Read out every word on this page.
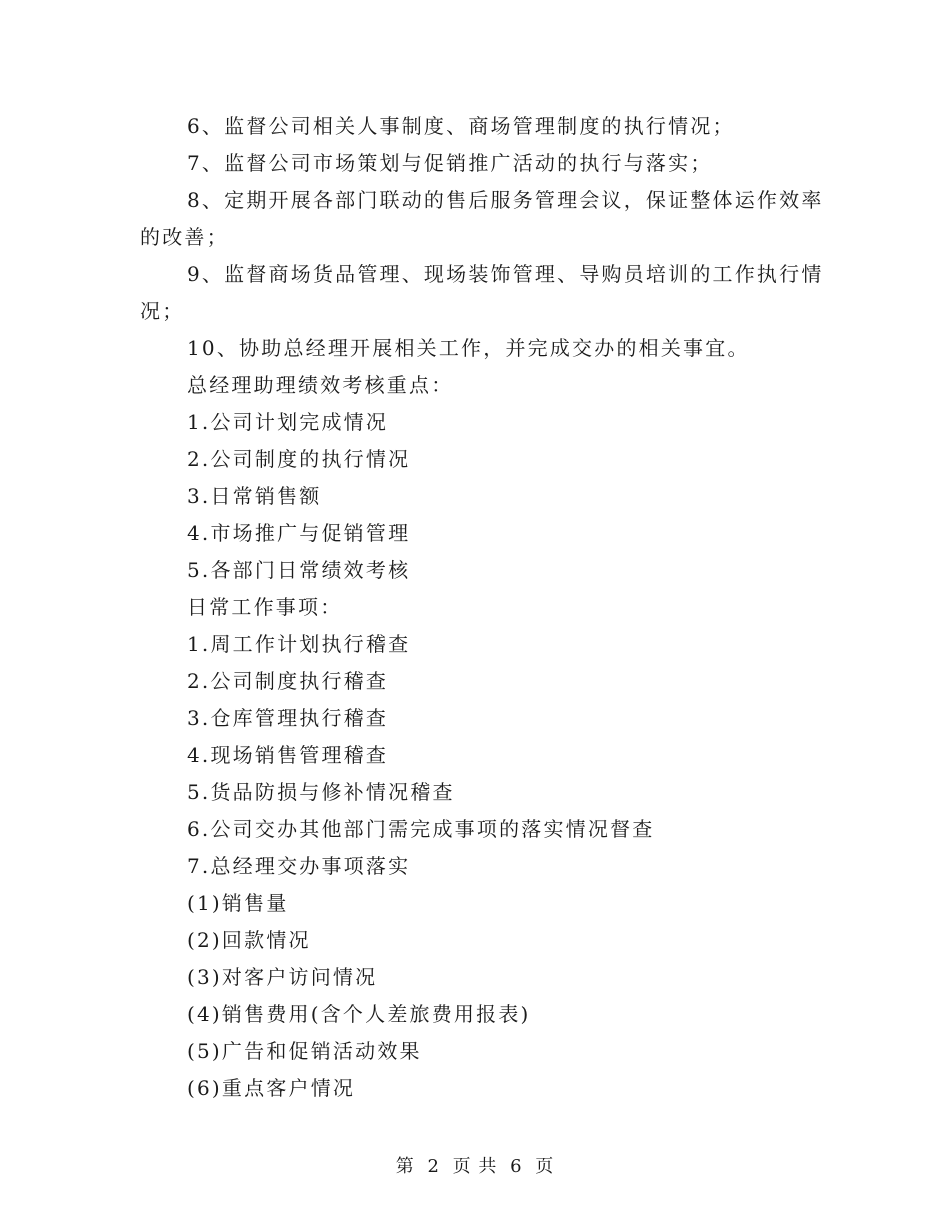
6、监督公司相关人事制度、商场管理制度的执行情况；

7、监督公司市场策划与促销推广活动的执行与落实；

8、定期开展各部门联动的售后服务管理会议，保证整体运作效率

的改善；

9、监督商场货品管理、现场装饰管理、导购员培训的工作执行情

况；

10、协助总经理开展相关工作，并完成交办的相关事宜。

总经理助理绩效考核重点：

1.公司计划完成情况

2.公司制度的执行情况

3.日常销售额

4.市场推广与促销管理

5.各部门日常绩效考核

日常工作事项：

1.周工作计划执行稽查

2.公司制度执行稽查

3.仓库管理执行稽查

4.现场销售管理稽查

5.货品防损与修补情况稽查

6.公司交办其他部门需完成事项的落实情况督查

7.总经理交办事项落实

(1)销售量

(2)回款情况

(3)对客户访问情况

(4)销售费用(含个人差旅费用报表)

(5)广告和促销活动效果

(6)重点客户情况

第 2 页 共 6 页
